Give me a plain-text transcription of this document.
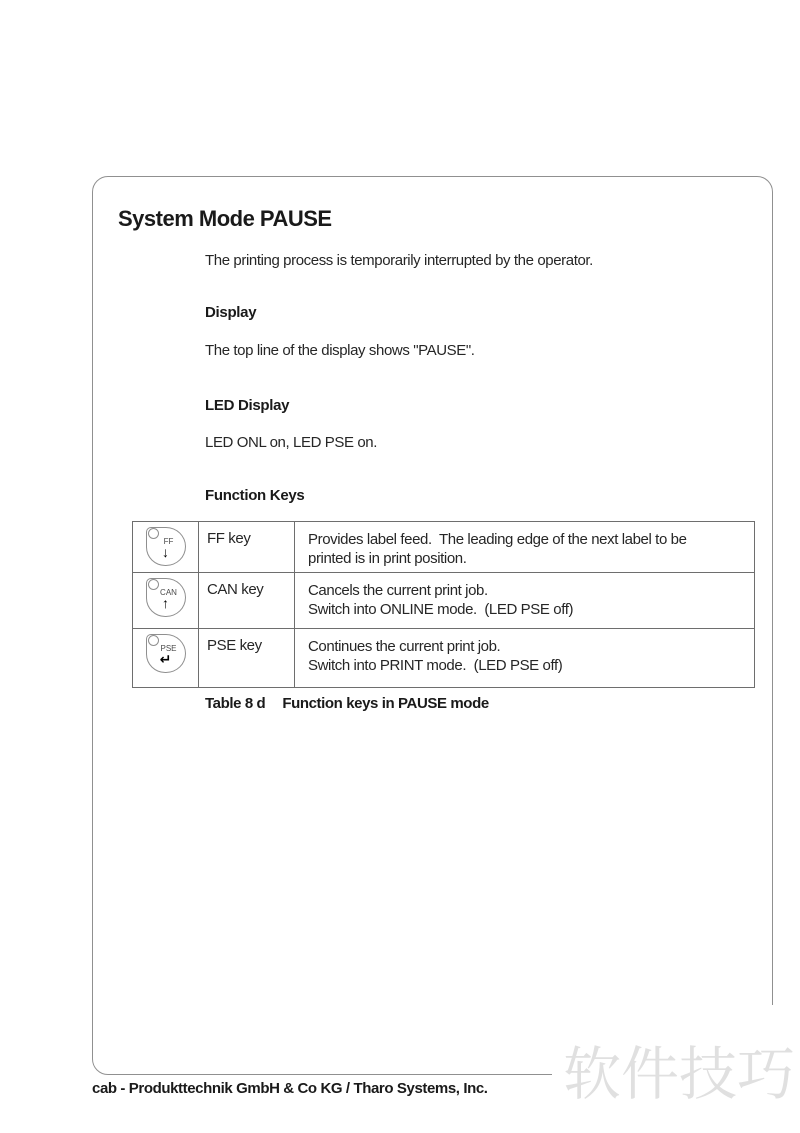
System Mode PAUSE

The printing process is temporarily interrupted by the operator.

Display

The top line of the display shows "PAUSE".

LED Display

LED ONL on, LED PSE on.

Function Keys
FF
↓
FF key	Provides label feed.  The leading edge of the next label to be
printed is in print position.
CAN
↑
CAN key	Cancels the current print job.
Switch into ONLINE mode.  (LED PSE off)
PSE
↵
PSE key	Continues the current print job.
Switch into PRINT mode.  (LED PSE off)

Table 8 d Function keys in PAUSE mode

cab - Produkttechnik GmbH & Co KG / Tharo Systems, Inc. 软件技巧
